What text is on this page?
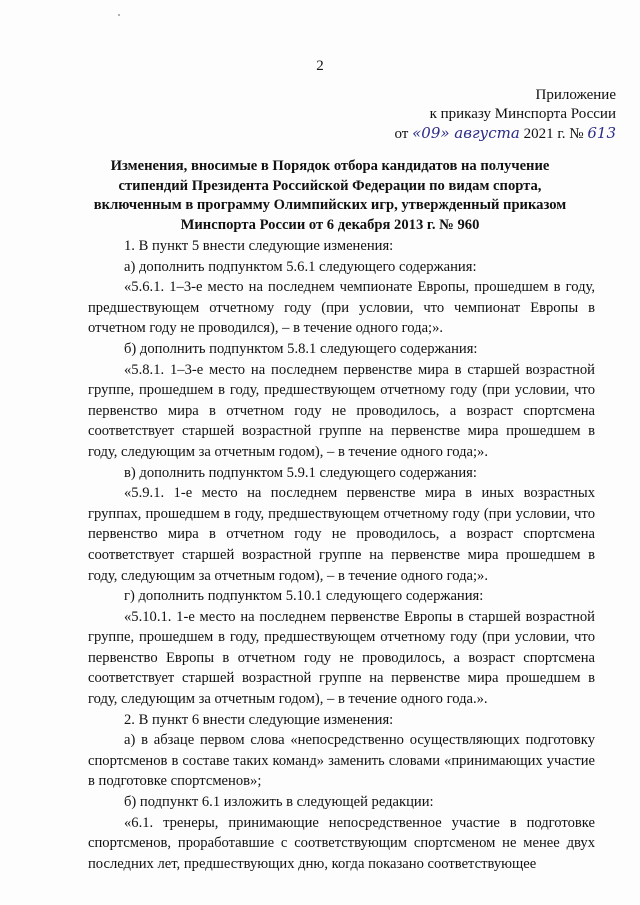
2
Приложение
к приказу Минспорта России
от «09» августа 2021 г. № 613
Изменения, вносимые в Порядок отбора кандидатов на получение стипендий Президента Российской Федерации по видам спорта, включенным в программу Олимпийских игр, утвержденный приказом Минспорта России от 6 декабря 2013 г. № 960

1. В пункт 5 внести следующие изменения:

а) дополнить подпунктом 5.6.1 следующего содержания:

«5.6.1. 1–3-е место на последнем чемпионате Европы, прошедшем в году, предшествующем отчетному году (при условии, что чемпионат Европы в отчетном году не проводился), – в течение одного года;».

б) дополнить подпунктом 5.8.1 следующего содержания:

«5.8.1. 1–3-е место на последнем первенстве мира в старшей возрастной группе, прошедшем в году, предшествующем отчетному году (при условии, что первенство мира в отчетном году не проводилось, а возраст спортсмена соответствует старшей возрастной группе на первенстве мира прошедшем в году, следующим за отчетным годом), – в течение одного года;».

в) дополнить подпунктом 5.9.1 следующего содержания:

«5.9.1. 1-е место на последнем первенстве мира в иных возрастных группах, прошедшем в году, предшествующем отчетному году (при условии, что первенство мира в отчетном году не проводилось, а возраст спортсмена соответствует старшей возрастной группе на первенстве мира прошедшем в году, следующим за отчетным годом), – в течение одного года;».

г) дополнить подпунктом 5.10.1 следующего содержания:

«5.10.1. 1-е место на последнем первенстве Европы в старшей возрастной группе, прошедшем в году, предшествующем отчетному году (при условии, что первенство Европы в отчетном году не проводилось, а возраст спортсмена соответствует старшей возрастной группе на первенстве мира прошедшем в году, следующим за отчетным годом), – в течение одного года.».

2. В пункт 6 внести следующие изменения:

а) в абзаце первом слова «непосредственно осуществляющих подготовку спортсменов в составе таких команд» заменить словами «принимающих участие в подготовке спортсменов»;

б) подпункт 6.1 изложить в следующей редакции:

«6.1. тренеры, принимающие непосредственное участие в подготовке спортсменов, проработавшие с соответствующим спортсменом не менее двух последних лет, предшествующих дню, когда показано соответствующее
